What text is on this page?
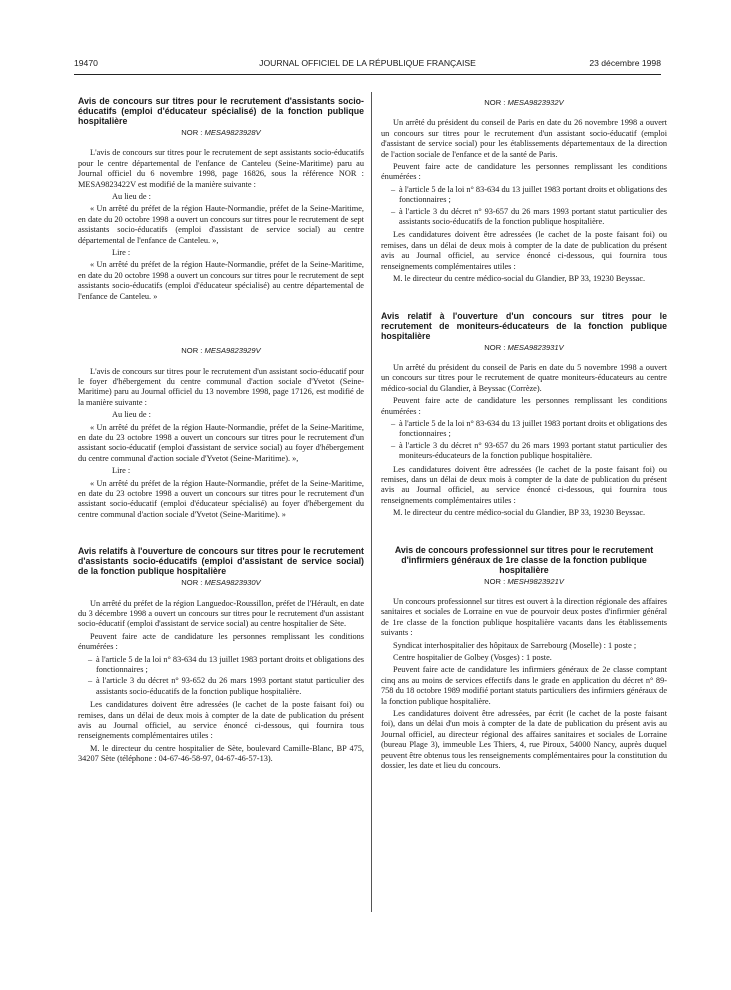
19470	JOURNAL OFFICIEL DE LA RÉPUBLIQUE FRANÇAISE	23 décembre 1998
Avis de concours sur titres pour le recrutement d'assistants socio-éducatifs (emploi d'éducateur spécialisé) de la fonction publique hospitalière
NOR : MESA9823928V

L'avis de concours sur titres pour le recrutement de sept assistants socio-éducatifs pour le centre départemental de l'enfance de Canteleu (Seine-Maritime) paru au Journal officiel du 6 novembre 1998, page 16826, sous la référence NOR : MESA9823422V est modifié de la manière suivante :

Au lieu de :

« Un arrêté du préfet de la région Haute-Normandie, préfet de la Seine-Maritime, en date du 20 octobre 1998 a ouvert un concours sur titres pour le recrutement de sept assistants socio-éducatifs (emploi d'assistant de service social) au centre départemental de l'enfance de Canteleu. »,

Lire :

« Un arrêté du préfet de la région Haute-Normandie, préfet de la Seine-Maritime, en date du 20 octobre 1998 a ouvert un concours sur titres pour le recrutement de sept assistants socio-éducatifs (emploi d'éducateur spécialisé) au centre départemental de l'enfance de Canteleu. »

NOR : MESA9823929V

L'avis de concours sur titres pour le recrutement d'un assistant socio-éducatif pour le foyer d'hébergement du centre communal d'action sociale d'Yvetot (Seine-Maritime) paru au Journal officiel du 13 novembre 1998, page 17126, est modifié de la manière suivante :

Au lieu de :

« Un arrêté du préfet de la région Haute-Normandie, préfet de la Seine-Maritime, en date du 23 octobre 1998 a ouvert un concours sur titres pour le recrutement d'un assistant socio-éducatif (emploi d'assistant de service social) au foyer d'hébergement du centre communal d'action sociale d'Yvetot (Seine-Maritime). »,

Lire :

« Un arrêté du préfet de la région Haute-Normandie, préfet de la Seine-Maritime, en date du 23 octobre 1998 a ouvert un concours sur titres pour le recrutement d'un assistant socio-éducatif (emploi d'éducateur spécialisé) au foyer d'hébergement du centre communal d'action sociale d'Yvetot (Seine-Maritime). »

Avis relatifs à l'ouverture de concours sur titres pour le recrutement d'assistants socio-éducatifs (emploi d'assistant de service social) de la fonction publique hospitalière
NOR : MESA9823930V

Un arrêté du préfet de la région Languedoc-Roussillon, préfet de l'Hérault, en date du 3 décembre 1998 a ouvert un concours sur titres pour le recrutement d'un assistant socio-éducatif (emploi d'assistant de service social) au centre hospitalier de Sète.

Peuvent faire acte de candidature les personnes remplissant les conditions énumérées :

– à l'article 5 de la loi n° 83-634 du 13 juillet 1983 portant droits et obligations des fonctionnaires ;
– à l'article 3 du décret n° 93-652 du 26 mars 1993 portant statut particulier des assistants socio-éducatifs de la fonction publique hospitalière.

Les candidatures doivent être adressées (le cachet de la poste faisant foi) ou remises, dans un délai de deux mois à compter de la date de publication du présent avis au Journal officiel, au service énoncé ci-dessous, qui fournira tous renseignements complémentaires utiles :

M. le directeur du centre hospitalier de Sète, boulevard Camille-Blanc, BP 475, 34207 Sète (téléphone : 04-67-46-58-97, 04-67-46-57-13).

NOR : MESA9823932V

Un arrêté du président du conseil de Paris en date du 26 novembre 1998 a ouvert un concours sur titres pour le recrutement d'un assistant socio-éducatif (emploi d'assistant de service social) pour les établissements départementaux de la direction de l'action sociale de l'enfance et de la santé de Paris.

Peuvent faire acte de candidature les personnes remplissant les conditions énumérées :

– à l'article 5 de la loi n° 83-634 du 13 juillet 1983 portant droits et obligations des fonctionnaires ;
– à l'article 3 du décret n° 93-657 du 26 mars 1993 portant statut particulier des assistants socio-éducatifs de la fonction publique hospitalière.

Les candidatures doivent être adressées (le cachet de la poste faisant foi) ou remises, dans un délai de deux mois à compter de la date de publication du présent avis au Journal officiel, au service énoncé ci-dessous, qui fournira tous renseignements complémentaires utiles :

M. le directeur du centre médico-social du Glandier, BP 33, 19230 Beyssac.

Avis relatif à l'ouverture d'un concours sur titres pour le recrutement de moniteurs-éducateurs de la fonction publique hospitalière
NOR : MESA9823931V

Un arrêté du président du conseil de Paris en date du 5 novembre 1998 a ouvert un concours sur titres pour le recrutement de quatre moniteurs-éducateurs au centre médico-social du Glandier, à Beyssac (Corrèze).

Peuvent faire acte de candidature les personnes remplissant les conditions énumérées :

– à l'article 5 de la loi n° 83-634 du 13 juillet 1983 portant droits et obligations des fonctionnaires ;
– à l'article 3 du décret n° 93-657 du 26 mars 1993 portant statut particulier des moniteurs-éducateurs de la fonction publique hospitalière.

Les candidatures doivent être adressées (le cachet de la poste faisant foi) ou remises, dans un délai de deux mois à compter de la date de publication du présent avis au Journal officiel, au service énoncé ci-dessous, qui fournira tous renseignements complémentaires utiles :

M. le directeur du centre médico-social du Glandier, BP 33, 19230 Beyssac.

Avis de concours professionnel sur titres pour le recrutement d'infirmiers généraux de 1re classe de la fonction publique hospitalière
NOR : MESH9823921V

Un concours professionnel sur titres est ouvert à la direction régionale des affaires sanitaires et sociales de Lorraine en vue de pourvoir deux postes d'infirmier général de 1re classe de la fonction publique hospitalière vacants dans les établissements suivants :

Syndicat interhospitalier des hôpitaux de Sarrebourg (Moselle) : 1 poste ;

Centre hospitalier de Golbey (Vosges) : 1 poste.

Peuvent faire acte de candidature les infirmiers généraux de 2e classe comptant cinq ans au moins de services effectifs dans le grade en application du décret n° 89-758 du 18 octobre 1989 modifié portant statuts particuliers des infirmiers généraux de la fonction publique hospitalière.

Les candidatures doivent être adressées, par écrit (le cachet de la poste faisant foi), dans un délai d'un mois à compter de la date de publication du présent avis au Journal officiel, au directeur régional des affaires sanitaires et sociales de Lorraine (bureau Plage 3), immeuble Les Thiers, 4, rue Piroux, 54000 Nancy, auprès duquel peuvent être obtenus tous les renseignements complémentaires pour la constitution du dossier, les date et lieu du concours.
